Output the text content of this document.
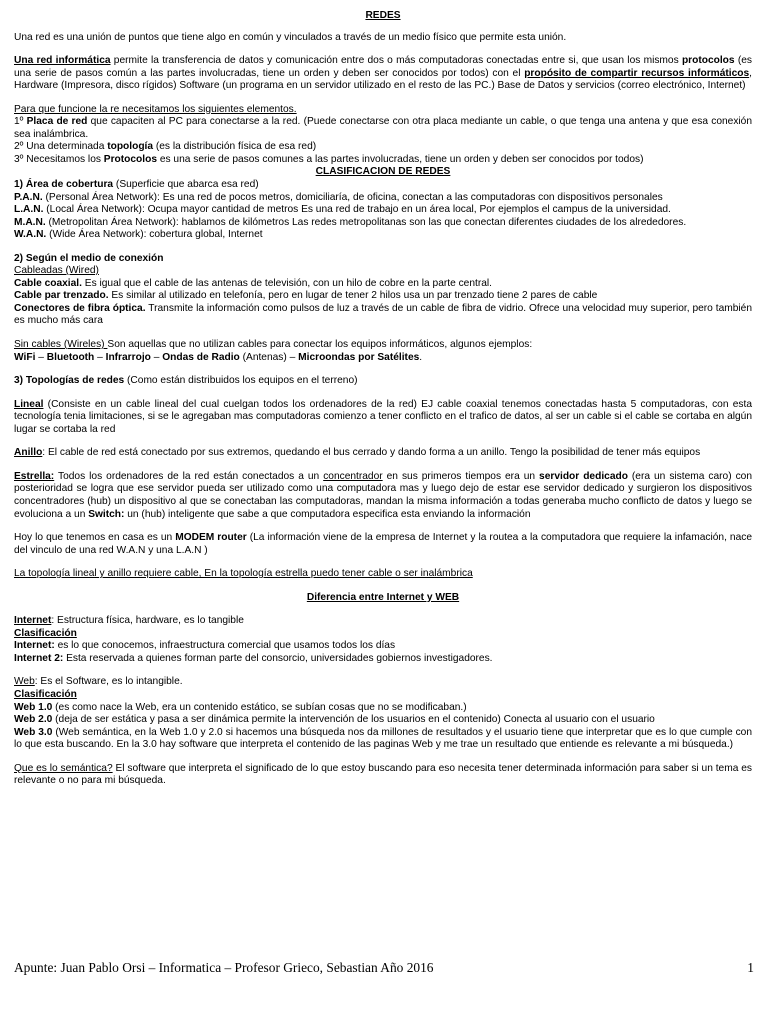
REDES

Una red es una unión de puntos que tiene algo en común y vinculados a través de un medio físico que permite esta unión.

Una red informática permite la transferencia de datos y comunicación entre dos o más computadoras conectadas entre si, que usan los mismos protocolos (es una serie de pasos común a las partes involucradas, tiene un orden y deben ser conocidos por todos) con el propósito de compartir recursos informáticos, Hardware (Impresora, disco rígidos) Software (un programa en un servidor utilizado en el resto de las PC.) Base de Datos y servicios (correo electrónico, Internet)

Para que funcione la re necesitamos los siguientes elementos.

1º Placa de red que capaciten al PC para conectarse a la red. (Puede conectarse con otra placa mediante un cable, o que tenga una antena y que esa conexión sea inalámbrica.

2º Una determinada topología (es la distribución física de esa red)

3º Necesitamos los Protocolos es una serie de pasos comunes a las partes involucradas, tiene un orden y deben ser conocidos por todos)

CLASIFICACION DE REDES

1) Área de cobertura (Superficie que abarca esa red)

P.A.N. (Personal Área Network): Es una red de pocos metros, domiciliaría, de oficina, conectan a las computadoras con dispositivos personales

L.A.N. (Local Área Network): Ocupa mayor cantidad de metros Es una red de trabajo en un área local, Por ejemplos el campus de la universidad.

M.A.N. (Metropolitan Área Network): hablamos de kilómetros Las redes metropolitanas son las que conectan diferentes ciudades de los alrededores.

W.A.N. (Wide Área Network): cobertura global, Internet

2) Según el medio de conexión

Cableadas (Wired)

Cable coaxial. Es igual que el cable de las antenas de televisión, con un hilo de cobre en la parte central.

Cable par trenzado. Es similar al utilizado en telefonía, pero en lugar de tener 2 hilos usa un par trenzado tiene 2 pares de cable

Conectores de fibra óptica. Transmite la información como pulsos de luz a través de un cable de fibra de vidrio. Ofrece una velocidad muy superior, pero también es mucho más cara

Sin cables (Wireles) Son aquellas que no utilizan cables para conectar los equipos informáticos, algunos ejemplos:

WiFi – Bluetooth – Infrarrojo – Ondas de Radio (Antenas) – Microondas por Satélites.

3) Topologías de redes (Como están distribuidos los equipos en el terreno)

Lineal (Consiste en un cable lineal del cual cuelgan todos los ordenadores de la red) EJ cable coaxial tenemos conectadas hasta 5 computadoras, con esta tecnología tenia limitaciones, si se le agregaban mas computadoras comienzo a tener conflicto en el trafico de datos, al ser un cable si el cable se cortaba en algún lugar se cortaba la red

Anillo: El cable de red está conectado por sus extremos, quedando el bus cerrado y dando forma a un anillo. Tengo la posibilidad de tener más equipos

Estrella: Todos los ordenadores de la red están conectados a un concentrador en sus primeros tiempos era un servidor dedicado (era un sistema caro) con posterioridad se logra que ese servidor pueda ser utilizado como una computadora mas y luego dejo de estar ese servidor dedicado y surgieron los dispositivos concentradores (hub) un dispositivo al que se conectaban las computadoras, mandan la misma información a todas generaba mucho conflicto de datos y luego se evoluciona a un Switch: un (hub) inteligente que sabe a que computadora especifica esta enviando la información

Hoy lo que tenemos en casa es un MODEM router (La información viene de la empresa de Internet y la routea a la computadora que requiere la infamación, nace del vinculo de una red W.A.N y una L.A.N )

La topología lineal y anillo requiere cable, En la topología estrella puedo tener cable o ser inalámbrica

Diferencia entre Internet y WEB

Internet: Estructura física, hardware, es lo tangible

Clasificación

Internet: es lo que conocemos, infraestructura comercial que usamos todos los días

Internet 2: Esta reservada a quienes forman parte del consorcio, universidades gobiernos investigadores.

Web: Es el Software, es lo intangible.

Clasificación

Web 1.0 (es como nace la Web, era un contenido estático, se subían cosas que no se modificaban.)

Web 2.0 (deja de ser estática y pasa a ser dinámica permite la intervención de los usuarios en el contenido) Conecta al usuario con el usuario

Web 3.0 (Web semántica, en la Web 1.0 y 2.0 si hacemos una búsqueda nos da millones de resultados y el usuario tiene que interpretar que es lo que cumple con lo que esta buscando. En la 3.0 hay software que interpreta el contenido de las paginas Web y me trae un resultado que entiende es relevante a mi búsqueda.)

Que es lo semántica? El software que interpreta el significado de lo que estoy buscando para eso necesita tener determinada información para saber si un tema es relevante o no para mi búsqueda.

Apunte: Juan Pablo Orsi – Informatica – Profesor Grieco, Sebastian Año 2016	1
